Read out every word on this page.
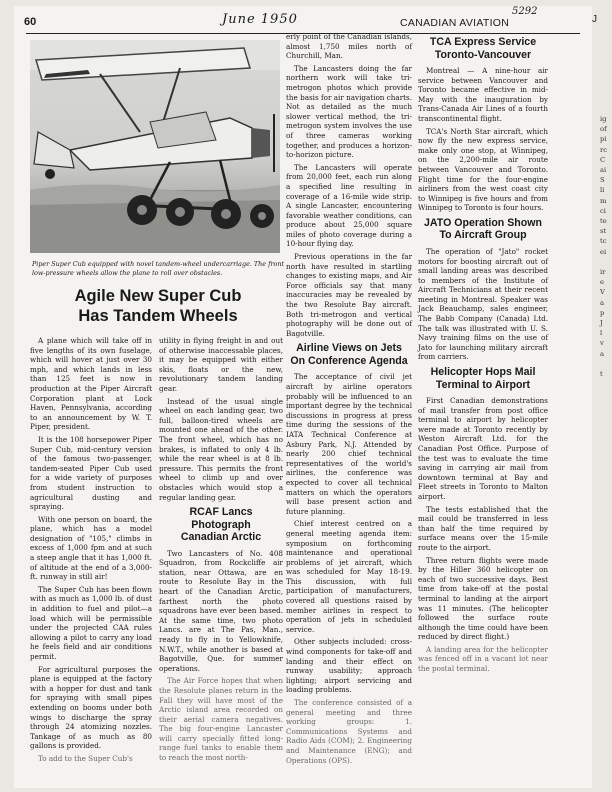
60	June 1950
5292
CANADIAN AVIATION	J
Piper Super Cub equipped with novel tandem-wheel undercarriage. The front low-pressure wheels allow the plane to roll over obstacles.
Agile New Super Cub
Has Tandem Wheels

A plane which will take off in five lengths of its own fuselage, which will hover at just over 30 mph, and which lands in less than 125 feet is now in production at the Piper Aircraft Corporation plant at Lock Haven, Pennsylvania, according to an announcement by W. T. Piper, president.

It is the 108 horsepower Piper Super Cub, mid-century version of the famous two-passenger, tandem-seated Piper Cub used for a wide variety of purposes from student instruction to agricultural dusting and spraying.

With one person on board, the plane, which has a model designation of "105," climbs in excess of 1,000 fpm and at such a steep angle that it has 1,000 ft. of altitude at the end of a 3,000-ft. runway in still air!

The Super Cub has been flown with as much as 1,000 lb. of dust in addition to fuel and pilot—a load which will be permissible under the projected CAA rules allowing a pilot to carry any load he feels field and air conditions permit.

For agricultural purposes the plane is equipped at the factory with a hopper for dust and tank for spraying with small pipes extending on booms under both wings to discharge the spray through 24 atomizing nozzles. Tankage of as much as 80 gallons is provided.

To add to the Super Cub's

utility in flying freight in and out of otherwise inaccessable places, it may be equipped with either skis, floats or the new, revolutionary tandem landing gear.

Instead of the usual single wheel on each landing gear, two full, balloon-tired wheels are mounted one ahead of the other. The front wheel, which has no brakes, is inflated to only 4 lb. while the rear wheel is at 8 lb. pressure. This permits the front wheel to climb up and over obstacles which would stop a regular landing gear.

RCAF Lancs Photograph
Canadian Arctic

Two Lancasters of No. 408 Squadron, from Rockcliffe air station, near Ottawa, are en route to Resolute Bay in the heart of the Canadian Arctic, farthest north the photo squadrons have ever been based. At the same time, two photo Lancs. are at The Pas, Man., ready to fly in to Yellowknife, N.W.T., while another is based at Bagotville, Que. for summer operations.

The Air Force hopes that when the Resolute planes return in the Fall they will have most of the Arctic island area recorded on their aerial camera negatives. The big four-engine Lancaster will carry specially fitted long-range fuel tanks to enable them to reach the most north-

erly point of the Canadian islands, almost 1,750 miles north of Churchill, Man.

The Lancasters doing the far northern work will take tri-metrogon photos which provide the basis for air navigation charts. Not as detailed as the much slower vertical method, the tri-metrogon system involves the use of three cameras working together, and produces a horizon-to-horizon picture.

The Lancasters will operate from 20,000 feet, each run along a specified line resulting in coverage of a 16-mile wide strip. A single Lancaster, encountering favorable weather conditions, can produce about 25,000 square miles of photo coverage during a 10-hour flying day.

Previous operations in the far north have resulted in startling changes to existing maps, and Air Force officials say that many inaccuracies may be revealed by the two Resolute Bay aircraft. Both tri-metrogon and vertical photography will be done out of Bagotville.

Airline Views on Jets
On Conference Agenda

The acceptance of civil jet aircraft by airline operators probably will be influenced to an important degree by the technical discussions in progress at press time during the sessions of the IATA Technical Conference at Asbury Park, N.J. Attended by nearly 200 chief technical representatives of the world's airlines, the conference was expected to cover all technical matters on which the operators will base present action and future planning.

Chief interest centred on a general meeting agenda item: symposium on forthcoming maintenance and operational problems of jet aircraft, which was scheduled for May 18-19. This discussion, with full participation of manufacturers, covered all questions raised by member airlines in respect to operation of jets in scheduled service.

Other subjects included: cross-wind components for take-off and landing and their effect on runway usability; approach lighting; airport servicing and loading problems.

The conference consisted of a general meeting and three working groups: 1. Communications Systems and Radio Aids (COM); 2. Engineering and Maintenance (ENG); and Operations (OPS).

TCA Express Service
Toronto-Vancouver

Montreal — A nine-hour air service between Vancouver and Toronto became effective in mid-May with the inauguration by Trans-Canada Air Lines of a fourth transcontinental flight.

TCA's North Star aircraft, which now fly the new express service, make only one stop, at Winnipeg, on the 2,200-mile air route between Vancouver and Toronto. Flight time for the four-engine airliners from the west coast city to Winnipeg is five hours and from Winnipeg to Toronto is four hours.

JATO Operation Shown
To Aircraft Group

The operation of "Jato" rocket motors for boosting aircraft out of small landing areas was described to members of the Institute of Aircraft Technicians at their recent meeting in Montreal. Speaker was Jack Beauchamp, sales engineer, The Babb Company (Canada) Ltd. The talk was illustrated with U. S. Navy training films on the use of Jato for launching military aircraft from carriers.

Helicopter Hops Mail
Terminal to Airport

First Canadian demonstrations of mail transfer from post office terminal to airport by helicopter were made at Toronto recently by Weston Aircraft Ltd. for the Canadian Post Office. Purpose of the test was to evaluate the time saving in carrying air mail from downtown terminal at Bay and Fleet streets in Toronto to Malton airport.

The tests established that the mail could be transferred in less than half the time required by surface means over the 15-mile route to the airport.

Three return flights were made by the Hiller 360 helicopter on each of two successive days. Best time from take-off at the postal terminal to landing at the airport was 11 minutes. (The helicopter followed the surface route although the time could have been reduced by direct flight.)

A landing area for the helicopter was fenced off in a vacant lot near the postal terminal.

ig
of
pi
rc
C
ai
S
li
m
ci
te
st
tc
ei

ir
e
V
a
p
J
l
v
a

t
